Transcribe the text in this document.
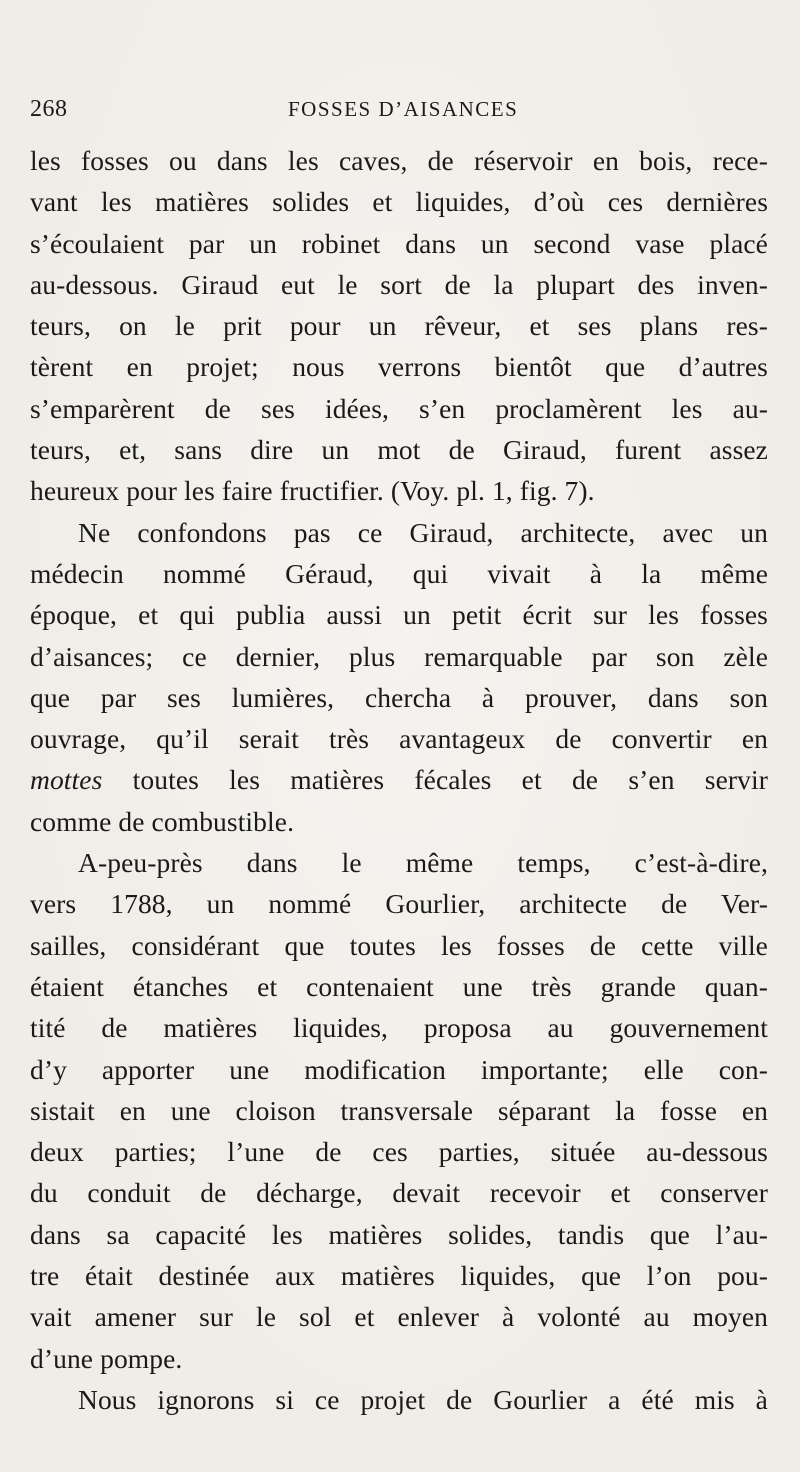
268	FOSSES D’AISANCES
les fosses ou dans les caves, de réservoir en bois, rece-
vant les matières solides et liquides, d’où ces dernières
s’écoulaient par un robinet dans un second vase placé
au-dessous. Giraud eut le sort de la plupart des inven-
teurs, on le prit pour un rêveur, et ses plans res-
tèrent en projet; nous verrons bientôt que d’autres
s’emparèrent de ses idées, s’en proclamèrent les au-
teurs, et, sans dire un mot de Giraud, furent assez
heureux pour les faire fructifier. (Voy. pl. 1, fig. 7).
Ne confondons pas ce Giraud, architecte, avec un
médecin nommé Géraud, qui vivait à la même
époque, et qui publia aussi un petit écrit sur les fosses
d’aisances; ce dernier, plus remarquable par son zèle
que par ses lumières, chercha à prouver, dans son
ouvrage, qu’il serait très avantageux de convertir en
mottes toutes les matières fécales et de s’en servir
comme de combustible.
A-peu-près dans le même temps, c’est-à-dire,
vers 1788, un nommé Gourlier, architecte de Ver-
sailles, considérant que toutes les fosses de cette ville
étaient étanches et contenaient une très grande quan-
tité de matières liquides, proposa au gouvernement
d’y apporter une modification importante; elle con-
sistait en une cloison transversale séparant la fosse en
deux parties; l’une de ces parties, située au-dessous
du conduit de décharge, devait recevoir et conserver
dans sa capacité les matières solides, tandis que l’au-
tre était destinée aux matières liquides, que l’on pou-
vait amener sur le sol et enlever à volonté au moyen
d’une pompe.
Nous ignorons si ce projet de Gourlier a été mis à
